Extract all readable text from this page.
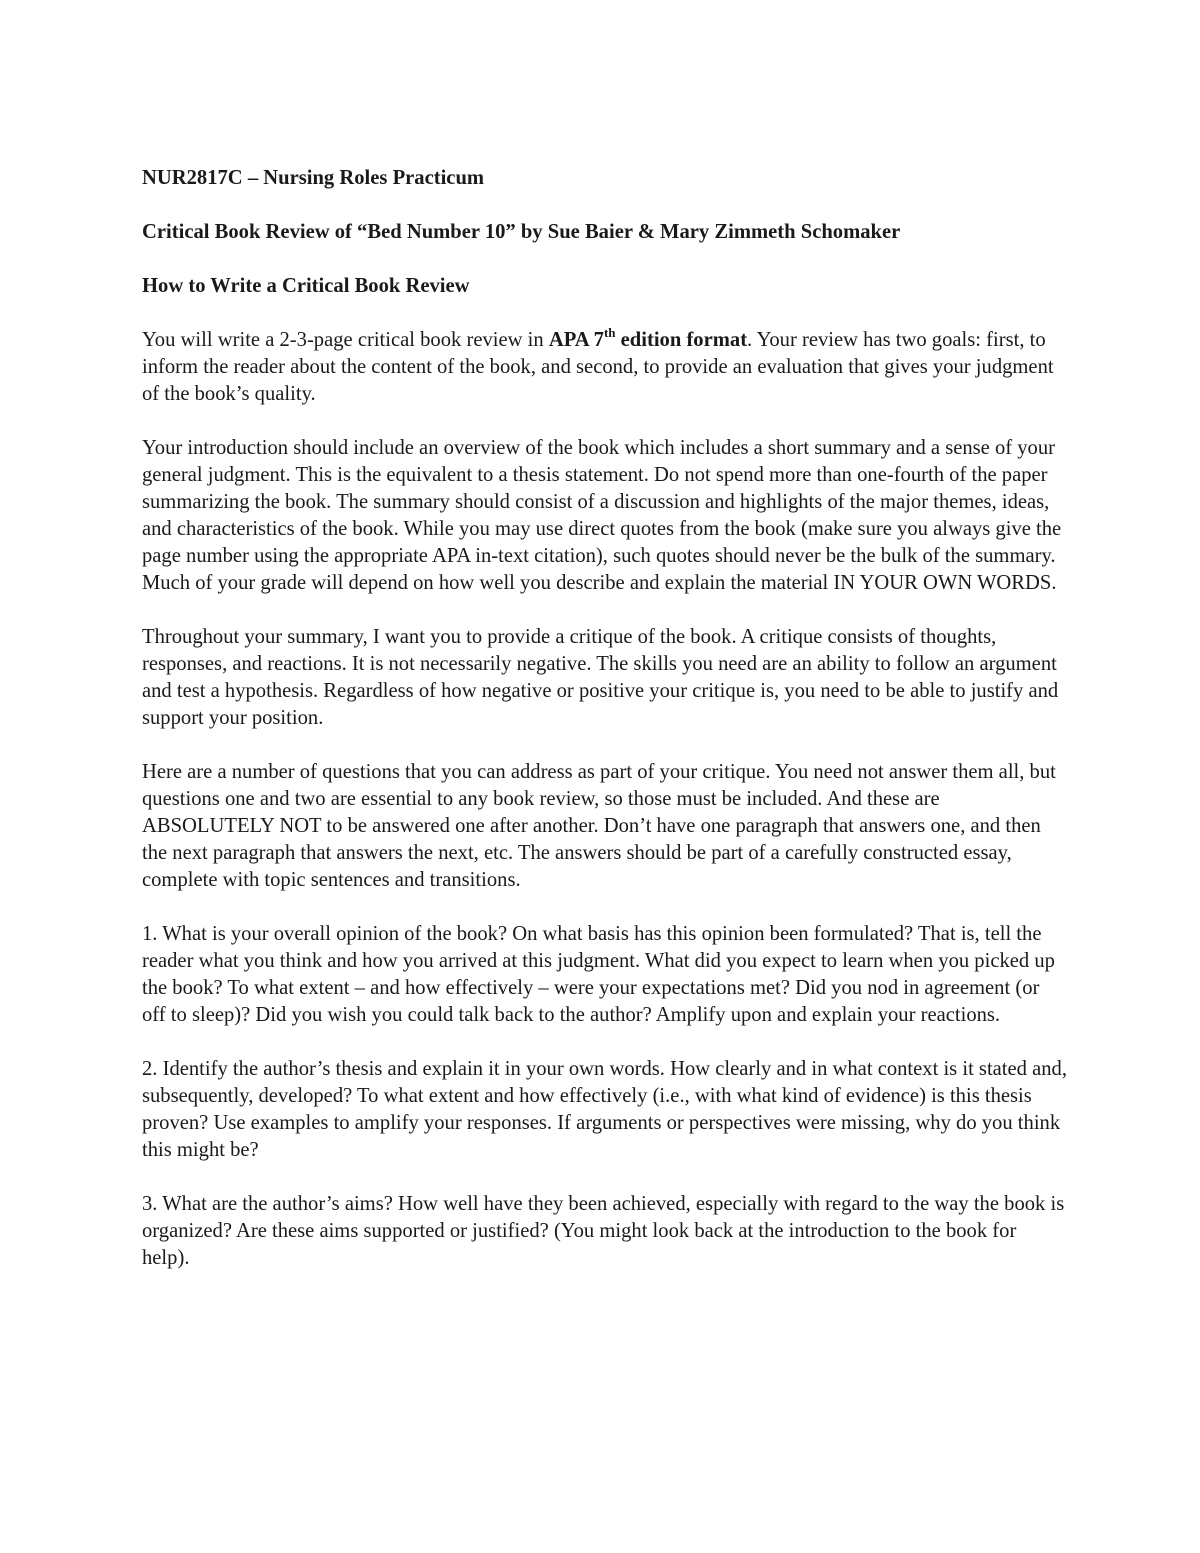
NUR2817C – Nursing Roles Practicum

Critical Book Review of “Bed Number 10” by Sue Baier & Mary Zimmeth Schomaker

How to Write a Critical Book Review

You will write a 2-3-page critical book review in APA 7th edition format. Your review has two goals: first, to inform the reader about the content of the book, and second, to provide an evaluation that gives your judgment of the book’s quality.

Your introduction should include an overview of the book which includes a short summary and a sense of your general judgment. This is the equivalent to a thesis statement. Do not spend more than one-fourth of the paper summarizing the book. The summary should consist of a discussion and highlights of the major themes, ideas, and characteristics of the book. While you may use direct quotes from the book (make sure you always give the page number using the appropriate APA in-text citation), such quotes should never be the bulk of the summary. Much of your grade will depend on how well you describe and explain the material IN YOUR OWN WORDS.

Throughout your summary, I want you to provide a critique of the book. A critique consists of thoughts, responses, and reactions. It is not necessarily negative. The skills you need are an ability to follow an argument and test a hypothesis. Regardless of how negative or positive your critique is, you need to be able to justify and support your position.

Here are a number of questions that you can address as part of your critique. You need not answer them all, but questions one and two are essential to any book review, so those must be included. And these are ABSOLUTELY NOT to be answered one after another. Don’t have one paragraph that answers one, and then the next paragraph that answers the next, etc. The answers should be part of a carefully constructed essay, complete with topic sentences and transitions.

1. What is your overall opinion of the book? On what basis has this opinion been formulated? That is, tell the reader what you think and how you arrived at this judgment. What did you expect to learn when you picked up the book? To what extent – and how effectively – were your expectations met? Did you nod in agreement (or off to sleep)? Did you wish you could talk back to the author? Amplify upon and explain your reactions.

2. Identify the author’s thesis and explain it in your own words. How clearly and in what context is it stated and, subsequently, developed? To what extent and how effectively (i.e., with what kind of evidence) is this thesis proven? Use examples to amplify your responses. If arguments or perspectives were missing, why do you think this might be?

3. What are the author’s aims? How well have they been achieved, especially with regard to the way the book is organized? Are these aims supported or justified? (You might look back at the introduction to the book for help).
